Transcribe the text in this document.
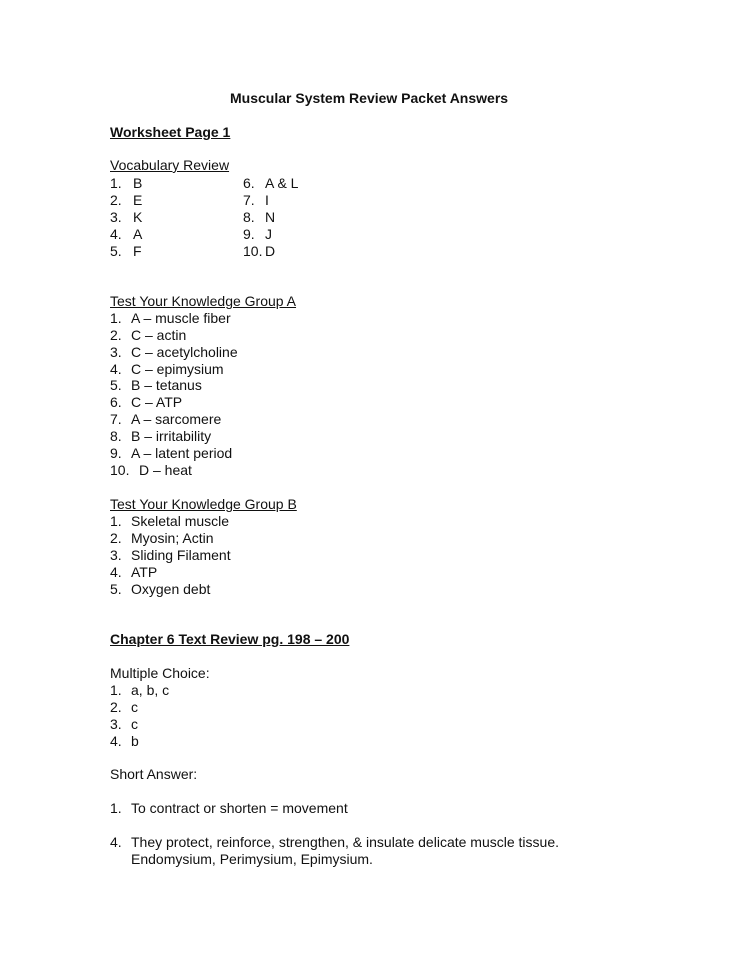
Muscular System Review Packet Answers
Worksheet Page 1
Vocabulary Review
1. B
2. E
3. K
4. A
5. F
6. A & L
7. I
8. N
9. J
10. D
Test Your Knowledge Group A
1. A – muscle fiber
2. C – actin
3. C – acetylcholine
4. C – epimysium
5. B – tetanus
6. C – ATP
7. A – sarcomere
8. B – irritability
9. A – latent period
10. D – heat
Test Your Knowledge Group B
1. Skeletal muscle
2. Myosin; Actin
3. Sliding Filament
4. ATP
5. Oxygen debt
Chapter 6 Text Review pg. 198 – 200
Multiple Choice:
1. a, b, c
2. c
3. c
4. b
Short Answer:
1. To contract or shorten = movement
4. They protect, reinforce, strengthen, & insulate delicate muscle tissue.
Endomysium, Perimysium, Epimysium.
